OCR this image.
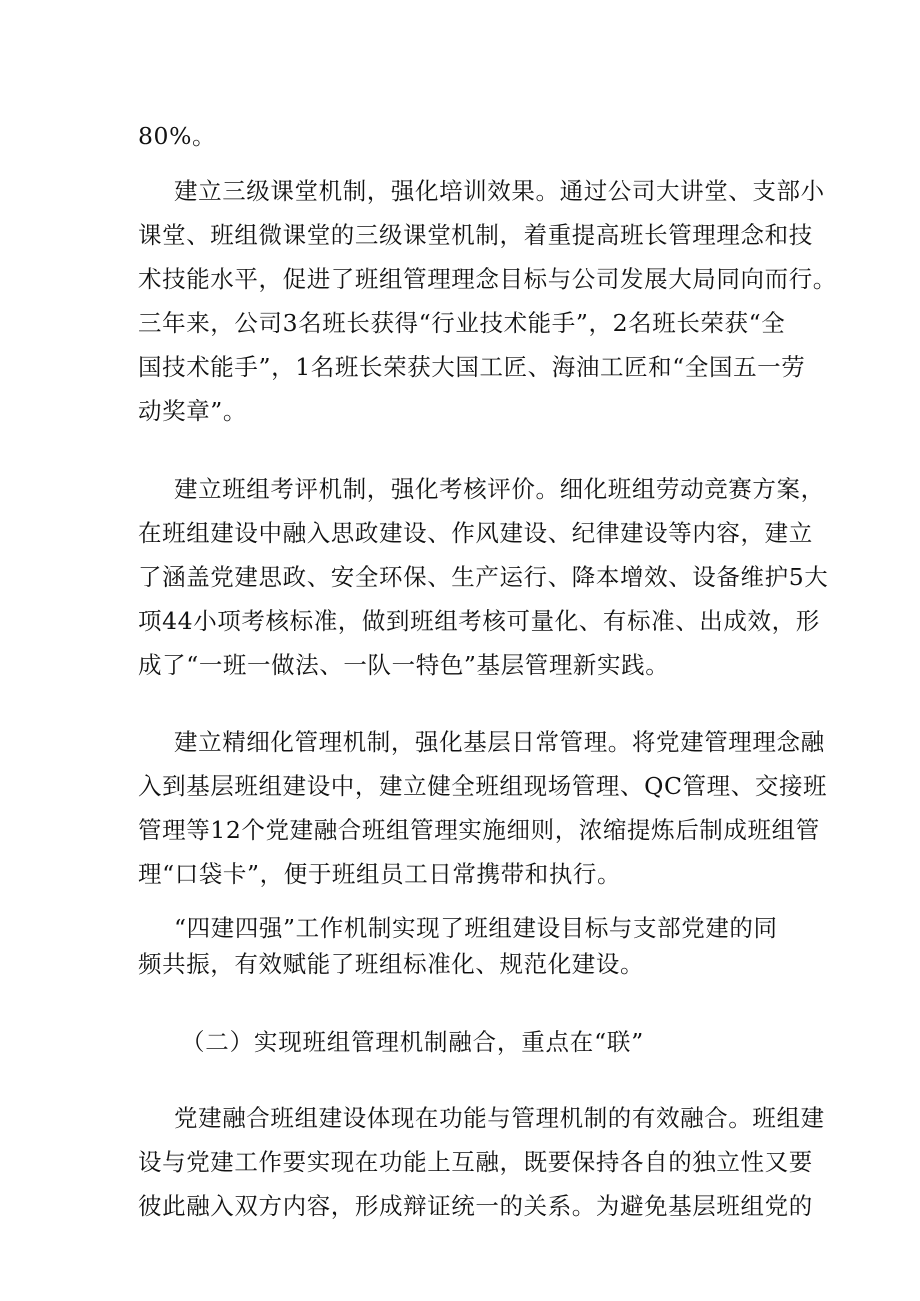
80%。
建立三级课堂机制，强化培训效果。通过公司大讲堂、支部小
课堂、班组微课堂的三级课堂机制，着重提高班长管理理念和技
术技能水平，促进了班组管理理念目标与公司发展大局同向而行。
三年来，公司3名班长获得“行业技术能手”，2名班长荣获“全
国技术能手”，1名班长荣获大国工匠、海油工匠和“全国五一劳
动奖章”。
建立班组考评机制，强化考核评价。细化班组劳动竞赛方案，
在班组建设中融入思政建设、作风建设、纪律建设等内容，建立
了涵盖党建思政、安全环保、生产运行、降本增效、设备维护5大
项44小项考核标准，做到班组考核可量化、有标准、出成效，形
成了“一班一做法、一队一特色”基层管理新实践。
建立精细化管理机制，强化基层日常管理。将党建管理理念融
入到基层班组建设中，建立健全班组现场管理、QC管理、交接班
管理等12个党建融合班组管理实施细则，浓缩提炼后制成班组管
理“口袋卡”，便于班组员工日常携带和执行。
“四建四强”工作机制实现了班组建设目标与支部党建的同
频共振，有效赋能了班组标准化、规范化建设。
（二）实现班组管理机制融合，重点在“联”
党建融合班组建设体现在功能与管理机制的有效融合。班组建
设与党建工作要实现在功能上互融，既要保持各自的独立性又要
彼此融入双方内容，形成辩证统一的关系。为避免基层班组党的
